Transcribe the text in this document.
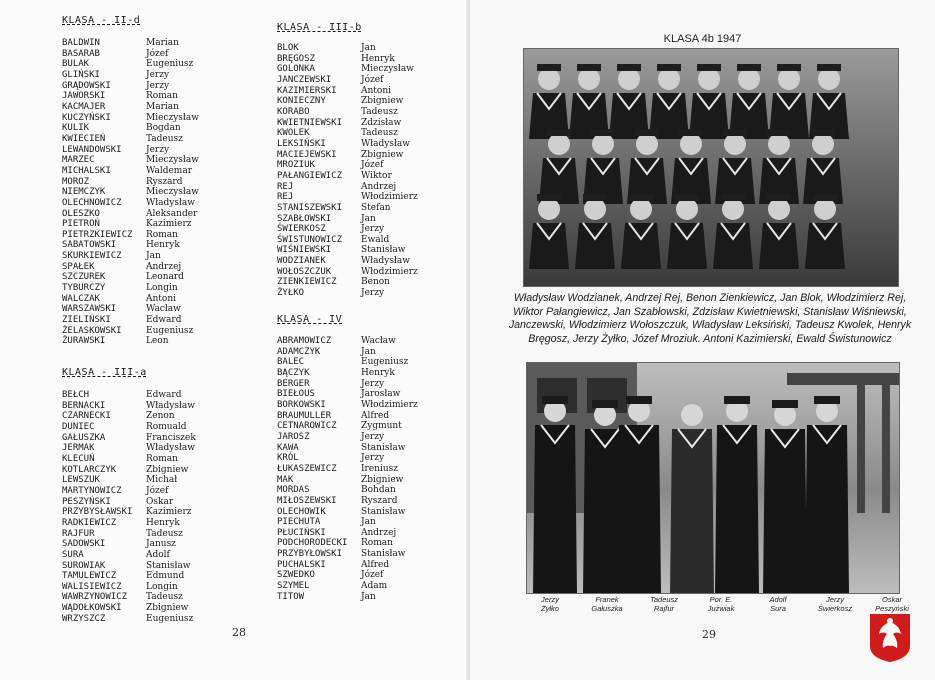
KLASA - II-d
BALDWIN	Marian
BASARAB	Józef
BULAK	Eugeniusz
GLIŃSKI	Jerzy
GRĄDOWSKI	Jerzy
JAWORSKI	Roman
KACMAJER	Marian
KUCZYŃSKI	Mieczysław
KULIK	Bogdan
KWIECIEŃ	Tadeusz
LEWANDOWSKI	Jerzy
MARZEC	Mieczysław
MICHALSKI	Waldemar
MOROZ	Ryszard
NIEMCZYK	Mieczysław
OLECHNOWICZ	Władysław
OLESZKO	Aleksander
PIETROŃ	Kazimierz
PIETRZKIEWICZ	Roman
SABATOWSKI	Henryk
SKURKIEWICZ	Jan
SPAŁEK	Andrzej
SZCZUREK	Leonard
TYBURCZY	Longin
WALCZAK	Antoni
WARSZAWSKI	Wacław
ZIELIŃSKI	Edward
ŻELASKOWSKI	Eugeniusz
ŻURAWSKI	Leon
KLASA - III-a
BEŁCH	Edward
BERNACKI	Władysław
CZARNECKI	Zenon
DUNIEC	Romuald
GAŁUSZKA	Franciszek
JERMAK	Władysław
KLECUŃ	Roman
KOTLARCZYK	Zbigniew
LEWSZUK	Michał
MARTYNOWICZ	Józef
PESZYŃSKI	Oskar
PRZYBYSŁAWSKI	Kazimierz
RADKIEWICZ	Henryk
RAJFUR	Tadeusz
SADOWSKI	Janusz
SURA	Adolf
SUROWIAK	Stanisław
TAMULEWICZ	Edmund
WALISIEWICZ	Longin
WAWRZYNOWICZ	Tadeusz
WĄDOŁKOWSKI	Zbigniew
WRZYSZCZ	Eugeniusz
KLASA - III-b
BLOK	Jan
BRĘGOSZ	Henryk
GOLONKA	Mieczysław
JANCZEWSKI	Józef
KAZIMIERSKI	Antoni
KONIECZNY	Zbigniew
KORABO	Tadeusz
KWIETNIEWSKI	Zdzisław
KWOLEK	Tadeusz
LEKSIŃSKI	Władysław
MACIEJEWSKI	Zbigniew
MROZIUK	Józef
PAŁANGIEWICZ	Wiktor
REJ	Andrzej
REJ	Włodzimierz
STANISZEWSKI	Stefan
SZABŁOWSKI	Jan
ŚWIERKOSZ	Jerzy
ŚWISTUNOWICZ	Ewald
WIŚNIEWSKI	Stanisław
WODZIANEK	Władysław
WOŁOSZCZUK	Włodzimierz
ZIENKIEWICZ	Benon
ŻYŁKO	Jerzy
KLASA - IV
ABRAMOWICZ	Wacław
ADAMCZYK	Jan
BALEC	Eugeniusz
BĄCZYK	Henryk
BERGER	Jerzy
BIEŁOUS	Jarosław
BORKOWSKI	Włodzimierz
BRAUMULLER	Alfred
CETNAROWICZ	Zygmunt
JAROSZ	Jerzy
KAWA	Stanisław
KRÓL	Jerzy
ŁUKASZEWICZ	Ireniusz
MAK	Zbigniew
MORDAS	Bohdan
MIŁOSZEWSKI	Ryszard
OLECHOWIK	Stanisław
PIECHUTA	Jan
PŁUCIŃSKI	Andrzej
PODCHORODECKI	Roman
PRZYBYŁOWSKI	Stanisław
PUCHALSKI	Alfred
SZWEDKO	Józef
SZYMEL	Adam
TITOW	Jan
28
KLASA 4b 1947
Władysław Wodzianek, Andrzej Rej, Benon Zienkiewicz, Jan Blok, Włodzimierz Rej, Wiktor Pałangiewicz, Jan Szabłowski, Zdzisław Kwietniewski, Stanisław Wiśniewski, Janczewski, Włodzimierz Wołoszczuk, Władysław Leksiński, Tadeusz Kwolek, Henryk Bręgosz, Jerzy Żyłko, Józef Mroziuk. Antoni Kazimierski, Ewald Świstunowicz
Jerzy
Żyłko
Franek
Gałuszka
Tadeusz
Rajfur
Por. E.
Jużwiak
Adolf
Sura
Jerzy
Świerkosz
Oskar
Peszyński
29
